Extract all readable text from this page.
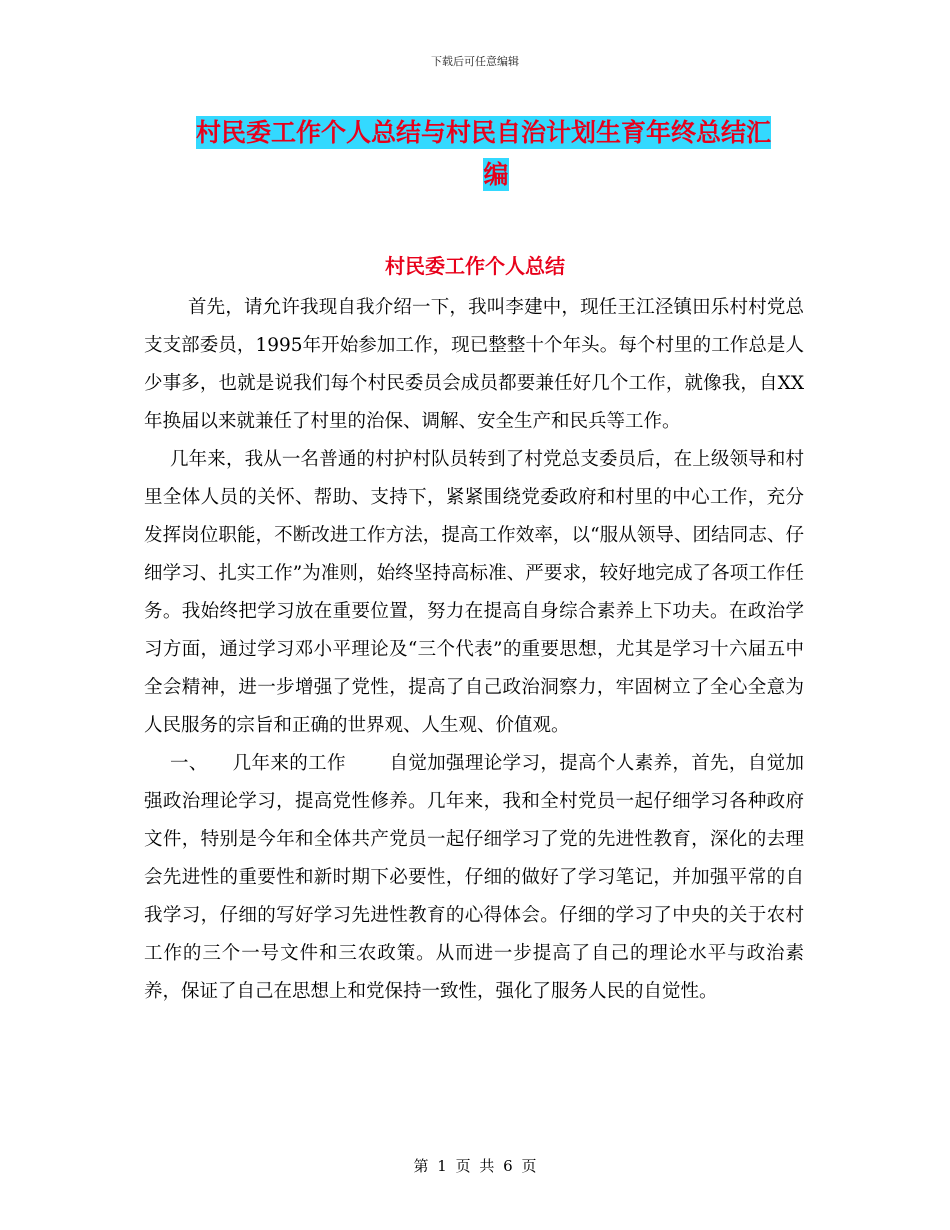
下载后可任意编辑
村民委工作个人总结与村民自治计划生育年终总结汇
编
村民委工作个人总结

首先，请允许我现自我介绍一下，我叫李建中，现任王江泾镇田乐村村党总支支部委员，1995年开始参加工作，现已整整十个年头。每个村里的工作总是人少事多，也就是说我们每个村民委员会成员都要兼任好几个工作，就像我，自XX年换届以来就兼任了村里的治保、调解、安全生产和民兵等工作。

几年来，我从一名普通的村护村队员转到了村党总支委员后，在上级领导和村里全体人员的关怀、帮助、支持下，紧紧围绕党委政府和村里的中心工作，充分发挥岗位职能，不断改进工作方法，提高工作效率，以“服从领导、团结同志、仔细学习、扎实工作”为准则，始终坚持高标准、严要求，较好地完成了各项工作任务。我始终把学习放在重要位置，努力在提高自身综合素养上下功夫。在政治学习方面，通过学习邓小平理论及“三个代表”的重要思想，尤其是学习十六届五中全会精神，进一步增强了党性，提高了自己政治洞察力，牢固树立了全心全意为人民服务的宗旨和正确的世界观、人生观、价值观。

一、    几年来的工作       自觉加强理论学习，提高个人素养，首先，自觉加强政治理论学习，提高党性修养。几年来，我和全村党员一起仔细学习各种政府文件，特别是今年和全体共产党员一起仔细学习了党的先进性教育，深化的去理会先进性的重要性和新时期下必要性，仔细的做好了学习笔记，并加强平常的自我学习，仔细的写好学习先进性教育的心得体会。仔细的学习了中央的关于农村工作的三个一号文件和三农政策。从而进一步提高了自己的理论水平与政治素养，保证了自己在思想上和党保持一致性，强化了服务人民的自觉性。

第 1 页 共 6 页
